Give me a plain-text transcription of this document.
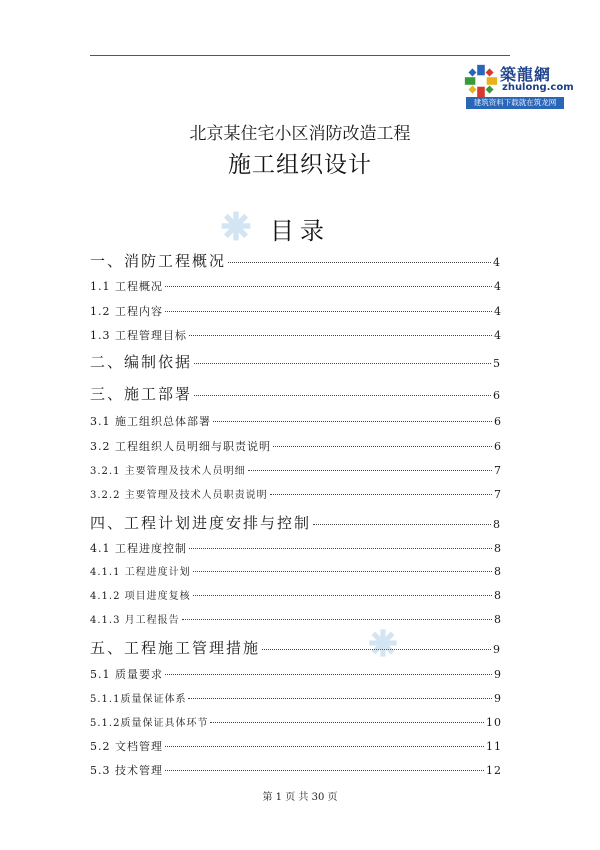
築龍網
zhulong.com
建筑资料下载就在筑龙网
北京某住宅小区消防改造工程
施工组织设计
目录
一、消防工程概况	4
1.1 工程概况	4
1.2 工程内容	4
1.3 工程管理目标	4
二、编制依据	5
三、施工部署	6
3.1 施工组织总体部署	6
3.2 工程组织人员明细与职责说明	6
3.2.1 主要管理及技术人员明细	7
3.2.2 主要管理及技术人员职责说明	7
四、工程计划进度安排与控制	8
4.1 工程进度控制	8
4.1.1 工程进度计划	8
4.1.2 项目进度复核	8
4.1.3 月工程报告	8
五、工程施工管理措施	9
5.1 质量要求	9
5.1.1质量保证体系	9
5.1.2质量保证具体环节	10
5.2 文档管理	11
5.3 技术管理	12
第 1 页 共 30 页
